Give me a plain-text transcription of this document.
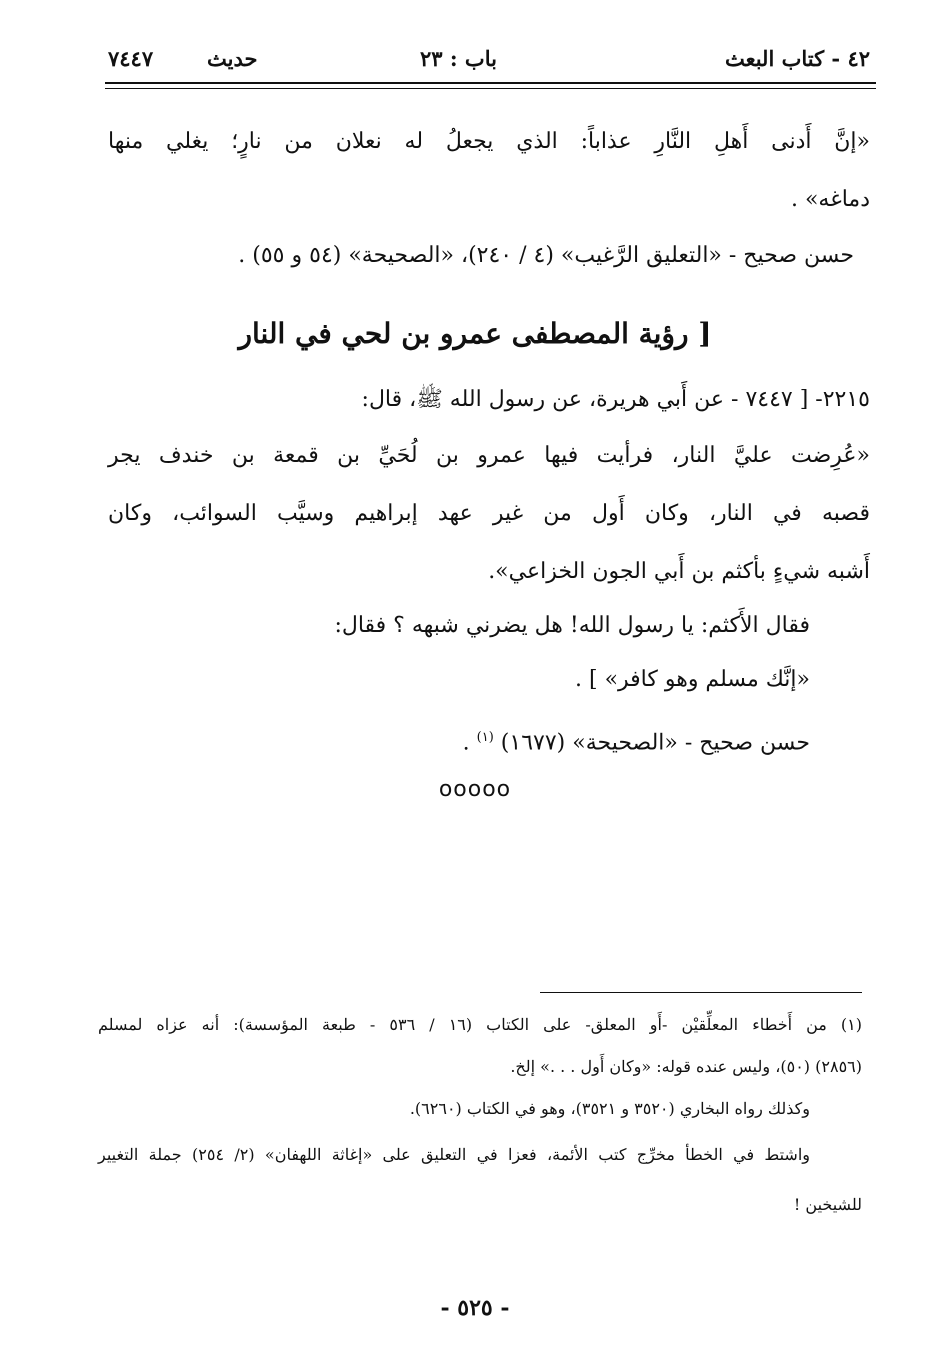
٤٢ - كتاب البعث
باب : ٢٣
حديث
٧٤٤٧
«إنَّ أَدنى أَهلِ النَّارِ عذاباً: الذي يجعلُ له نعلان من نارٍ؛ يغلي منها
دماغه» .
حسن صحيح - «التعليق الرَّغيب» (٤ / ٢٤٠)، «الصحيحة» (٥٤ و ٥٥) .
[ رؤية المصطفى عمرو بن لحي في النار
٢٢١٥- [ ٧٤٤٧ - عن أَبي هريرة، عن رسول الله ﷺ، قال:
«عُرِضت عليَّ النار، فرأيت فيها عمرو بن لُحَيِّ بن قمعة بن خندف يجر
قصبه في النار، وكان أَول من غير عهد إبراهيم وسيَّب السوائب، وكان
أَشبه شيءٍ بأكثم بن أَبي الجون الخزاعي».
فقال الأَكثم: يا رسول الله! هل يضرني شبهه ؟ فقال:
«إنَّك مسلم وهو كافر» ] .
حسن صحيح - «الصحيحة» (١٦٧٧) $^{(١)}$ .
ooooo
(١) من أَخطاء المعلِّقيْن -أَو المعلق- على الكتاب (١٦ / ٥٣٦ - طبعة المؤسسة): أنه عزاه لمسلم
(٢٨٥٦) (٥٠)، وليس عنده قوله: «وكان أَول . . .» إلخ.
وكذلك رواه البخاري (٣٥٢٠ و ٣٥٢١)، وهو في الكتاب (٦٢٦٠).
واشتط في الخطأ مخرِّج كتب الأئمة، فعزا في التعليق على «إغاثة اللهفان» (٢/ ٢٥٤) جملة التغيير
للشيخين !
- ٥٢٥ -
